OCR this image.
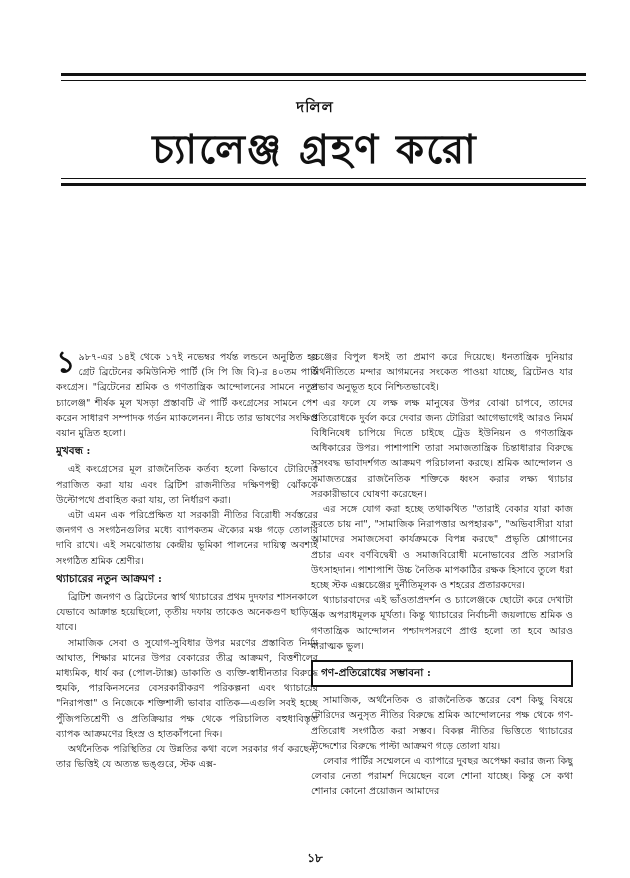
দলিল
চ্যালেঞ্জ গ্রহণ করো

১ ৯৮৭-এর ১৪ই থেকে ১৭ই নভেম্বর পর্যন্ত লন্ডনে অনুষ্ঠিত হয় গ্রেট ব্রিটেনের কমিউনিস্ট পার্টি (সি পি জি বি)-র ৪০তম পার্টি কংগ্রেস। "ব্রিটেনের শ্রমিক ও গণতান্ত্রিক আন্দোলনের সামনে নতুন চ্যালেঞ্জ" শীর্ষক মূল খসড়া প্রস্তাবটি ঐ পার্টি কংগ্রেসের সামনে পেশ করেন সাধারণ সম্পাদক গর্ডন ম্যাকলেনন। নীচে তার ভাষণের সংক্ষিপ্ত বয়ান মুদ্রিত হলো।

মুখবন্ধ :

এই কংগ্রেসের মূল রাজনৈতিক কর্তব্য হলো কিভাবে টোরিদের পরাজিত করা যায় এবং ব্রিটিশ রাজনীতির দক্ষিণপন্থী ঝোঁককে উল্টোপথে প্রবাহিত করা যায়, তা নির্ধারণ করা।

এটা এমন এক পরিপ্রেক্ষিত যা সরকারী নীতির বিরোধী সর্বস্তরের জনগণ ও সংগঠনগুলির মধ্যে ব্যাপকতম ঐক্যের মঞ্চ গড়ে তোলার দাবি রাখে। এই সমঝোতায় কেন্দ্রীয় ভূমিকা পালনের দায়িত্ব অবশ্যই সংগঠিত শ্রমিক শ্রেণীর।

থ্যাচারের নতুন আক্রমণ :

ব্রিটিশ জনগণ ও ব্রিটেনের স্বার্থ থ্যাচারের প্রথম দুদফার শাসনকালে যেভাবে আক্রান্ত হয়েছিলো, তৃতীয় দফায় তাকেও অনেকগুণ ছাড়িয়ে যাবে।

সামাজিক সেবা ও সুযোগ-সুবিধার উপর মরণের প্রস্তাবিত নির্মম আঘাত, শিক্ষার মানের উপর বেকারের তীব্র আক্রমণ, বিত্তশীলের মাধ্যমিক, ধার্য কর (পোল-ট্যাক্স) ডাকাতি ও ব্যক্তি-স্বাধীনতার বিরুদ্ধে হুমকি, পারকিনসনের বেসরকারীকরণ পরিকল্পনা এবং থ্যাচারের "নিরাপত্তা" ও নিজেকে শক্তিশালী ভাবার বাতিক—এগুলি সবই হচ্ছে পুঁজিপতিশ্রেণী ও প্রতিক্রিয়ার পক্ষ থেকে পরিচালিত বহুধাবিস্তৃত ব্যাপক আক্রমণের হিংস্র ও হাতকাঁপনো দিক।

অর্থনৈতিক পরিস্থিতির যে উন্নতির কথা বলে সরকার গর্ব করছেন, তার ভিত্তিই যে অত্যন্ত ভঙ্গুরে, স্টক এক্স-

চেঞ্জের বিপুল ধসই তা প্রমাণ করে দিয়েছে। ধনতান্ত্রিক দুনিয়ার অর্থনীতিতে মন্দার আগমনের সংকেত পাওয়া যাচ্ছে, ব্রিটেনও যার প্রভাব অনুভূত হবে নিশ্চিতভাবেই।

এর ফলে যে লক্ষ লক্ষ মানুষের উপর বোঝা চাপবে, তাদের প্রতিরোধকে দুর্বল করে দেবার জন্য টোরিরা আগেভাগেই আরও নিমর্ম বিধিনিষেধ চাপিয়ে দিতে চাইছে ট্রেড ইউনিয়ন ও গণতান্ত্রিক অধিকারের উপর। পাশাপাশি তারা সমাজতান্ত্রিক চিন্তাধারার বিরুদ্ধে সুসংবদ্ধ ভাবাদর্শগত আক্রমণ পরিচালনা করছে। শ্রমিক আন্দোলন ও সমাজতন্ত্রের রাজনৈতিক শক্তিকে ধ্বংস করার লক্ষ্য থ্যাচার সরকারীভাবে ঘোষণা করেছেন।

এর সঙ্গে যোগ করা হচ্ছে তথাকথিত "তারাই বেকার যারা কাজ করতে চায় না", "সামাজিক নিরাপত্তার অপহারক", "অভিবাসীরা যারা আমাদের সমাজসেবা কার্যক্রমকে বিপন্ন করছে" প্রভৃতি শ্লোগানের প্রচার এবং বর্ণবিদ্বেষী ও সমাজবিরোধী মনোভাবের প্রতি সরাসরি উৎসাহদান। পাশাপাশি উচ্চ নৈতিক মাপকাঠির রক্ষক হিসাবে তুলে ধরা হচ্ছে স্টক এক্সচেঞ্জের দুর্নীতিমূলক ও শহরের প্রতারকদের।

থ্যাচারবাদের এই ভাঁওতাপ্রদর্শন ও চ্যালেঞ্জকে ছোটো করে দেখাটা এক অপরাধমূলক মূর্খতা। কিন্তু থ্যাচারের নির্বাচনী জয়লাভে শ্রমিক ও গণতান্ত্রিক আন্দোলন পশ্চাদপসরণে প্রাপ্ত হলো তা হবে আরও মারাত্মক ভুল।

গণ-প্রতিরোধের সম্ভাবনা :

সামাজিক, অর্থনৈতিক ও রাজনৈতিক স্তরের বেশ কিছু বিষয়ে টোরিদের অনুসৃত নীতির বিরুদ্ধে শ্রমিক আন্দোলনের পক্ষ থেকে গণ-প্রতিরোধ সংগঠিত করা সম্ভব। বিকল্প নীতির ভিত্তিতে থ্যাচারের উদ্দেশ্যের বিরুদ্ধে পাল্টা আক্রমণ গড়ে তোলা যায়।

লেবার পার্টির সম্মেলনে এ ব্যাপারে দুবছর অপেক্ষা করার জন্য কিছু লেবার নেতা পরামর্শ দিয়েছেন বলে শোনা যাচ্ছে। কিন্তু সে কথা শোনার কোনো প্রয়োজন আমাদের

১৮
